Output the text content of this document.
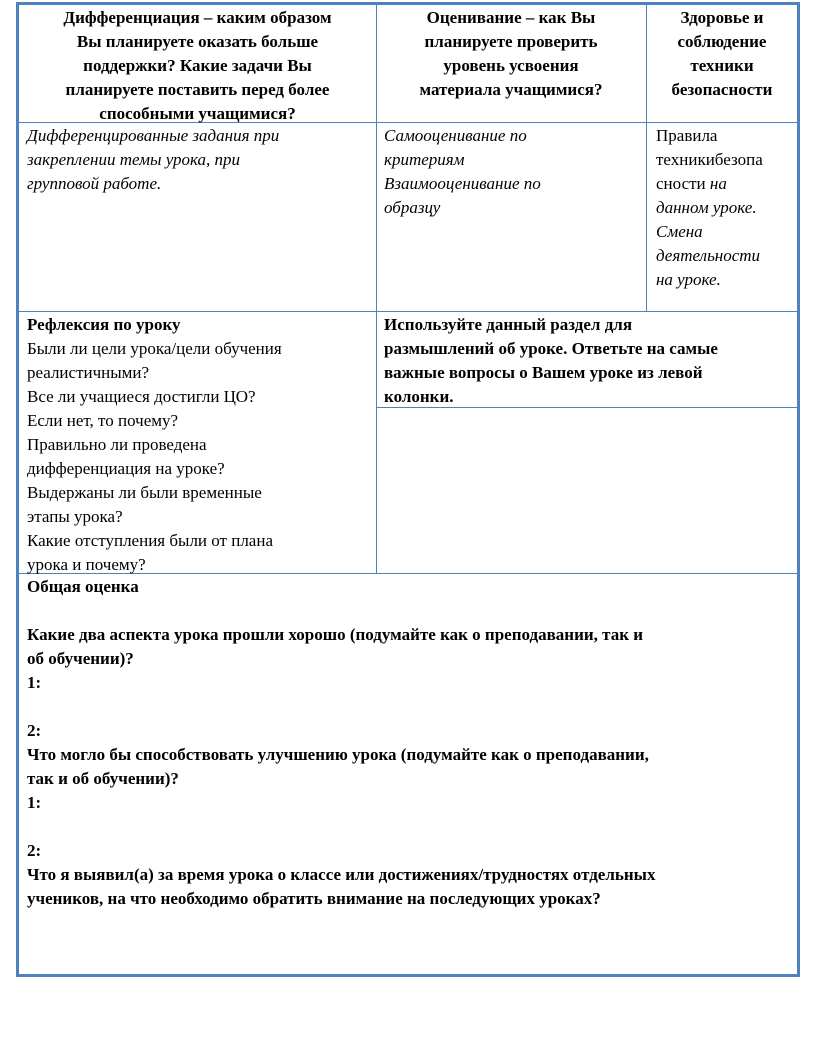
Дифференциация – каким образом
Вы планируете оказать больше
поддержки? Какие задачи Вы
планируете поставить перед более
способными учащимися?
Оценивание – как Вы
планируете проверить
уровень усвоения
материала учащимися?
Здоровье и
соблюдение
техники
безопасности
Дифференцированные задания при
закреплении темы урока, при
групповой работе.
Самооценивание по
критериям
Взаимооценивание по
образцу
Правила
техникибезопа
сности на
данном уроке.
Смена
деятельности
на уроке.
Рефлексия по уроку
Были ли цели урока/цели обучения
реалистичными?
Все ли учащиеся достигли ЦО?
Если нет, то почему?
Правильно ли проведена
дифференциация на уроке?
Выдержаны ли были временные
этапы урока?
Какие отступления были от плана
урока и почему?
Используйте данный раздел для
размышлений об уроке. Ответьте на самые
важные вопросы о Вашем уроке из левой
колонки.
Общая оценка
Какие два аспекта урока прошли хорошо (подумайте как о преподавании, так и
об обучении)?
1:
2:
Что могло бы способствовать улучшению урока (подумайте как о преподавании,
так и об обучении)?
1:
2:
Что я выявил(а) за время урока о классе или достижениях/трудностях отдельных
учеников, на что необходимо обратить внимание на последующих уроках?
